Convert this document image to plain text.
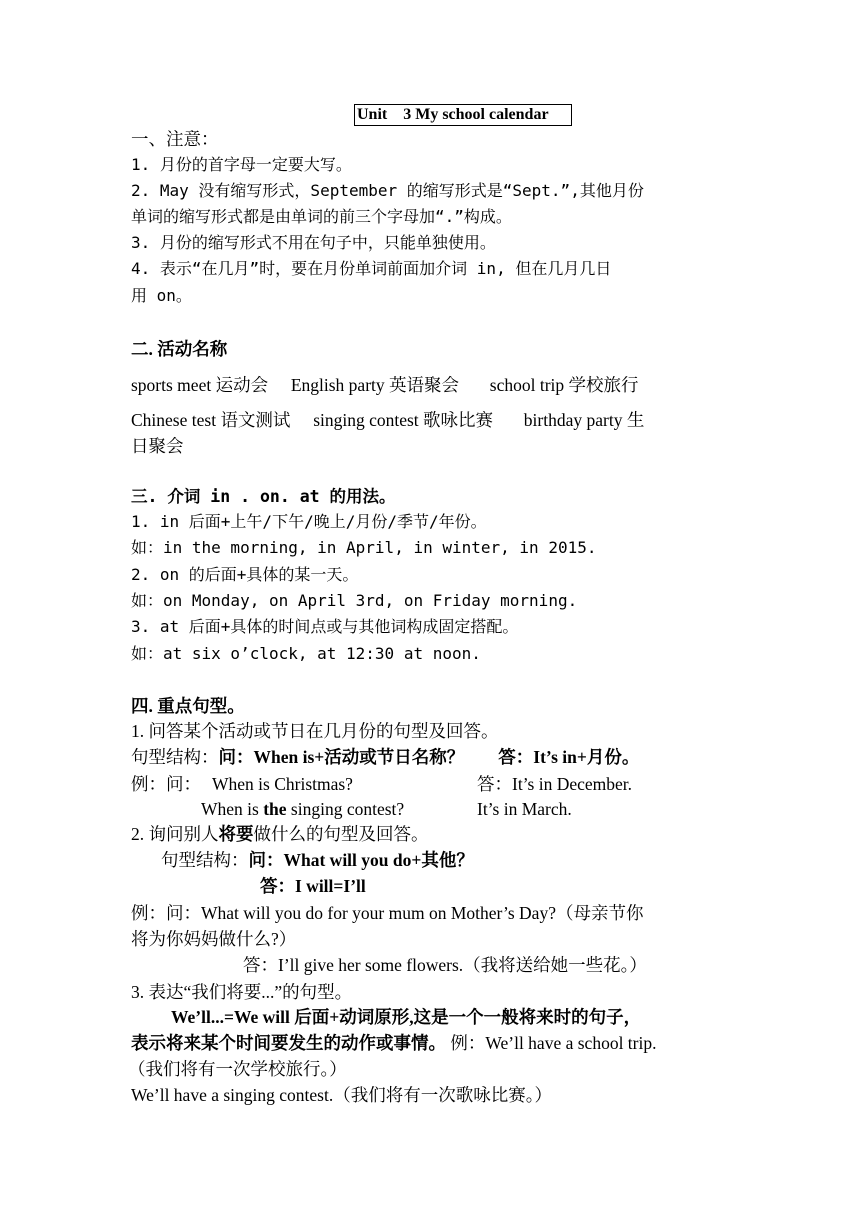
Unit    3 My school calendar
一、注意：
1. 月份的首字母一定要大写。
2. May 没有缩写形式，September 的缩写形式是“Sept.”,其他月份
单词的缩写形式都是由单词的前三个字母加“.”构成。
3. 月份的缩写形式不用在句子中，只能单独使用。
4. 表示“在几月”时，要在月份单词前面加介词 in, 但在几月几日
用 on。
二. 活动名称
sports meet 运动会 English party 英语聚会 school trip 学校旅行
Chinese test 语文测试 singing contest 歌咏比赛 birthday party 生
日聚会
三. 介词 in . on. at 的用法。
1. in 后面+上午/下午/晚上/月份/季节/年份。
如：in the morning, in April, in winter, in 2015.
2. on 的后面+具体的某一天。
如：on Monday, on April 3rd, on Friday morning.
3. at 后面+具体的时间点或与其他词构成固定搭配。
如：at six o’clock, at 12:30 at noon.
四. 重点句型。
1. 问答某个活动或节日在几月份的句型及回答。
句型结构：问：When is+活动或节日名称？ 答：It’s in+月份。
例：问： When is Christmas?	答：It’s in December.
When is the singing contest?	It’s in March.
2. 询问别人将要做什么的句型及回答。
句型结构：问：What will you do+其他？
答：I will=I’ll
例：问：What will you do for your mum on Mother’s Day?（母亲节你
将为你妈妈做什么?）
答：I’ll give her some flowers.（我将送给她一些花。）
3. 表达“我们将要...”的句型。
We’ll...=We will 后面+动词原形,这是一个一般将来时的句子，
表示将来某个时间要发生的动作或事情。 例：We’ll have a school trip.
（我们将有一次学校旅行。）
We’ll have a singing contest.（我们将有一次歌咏比赛。）
